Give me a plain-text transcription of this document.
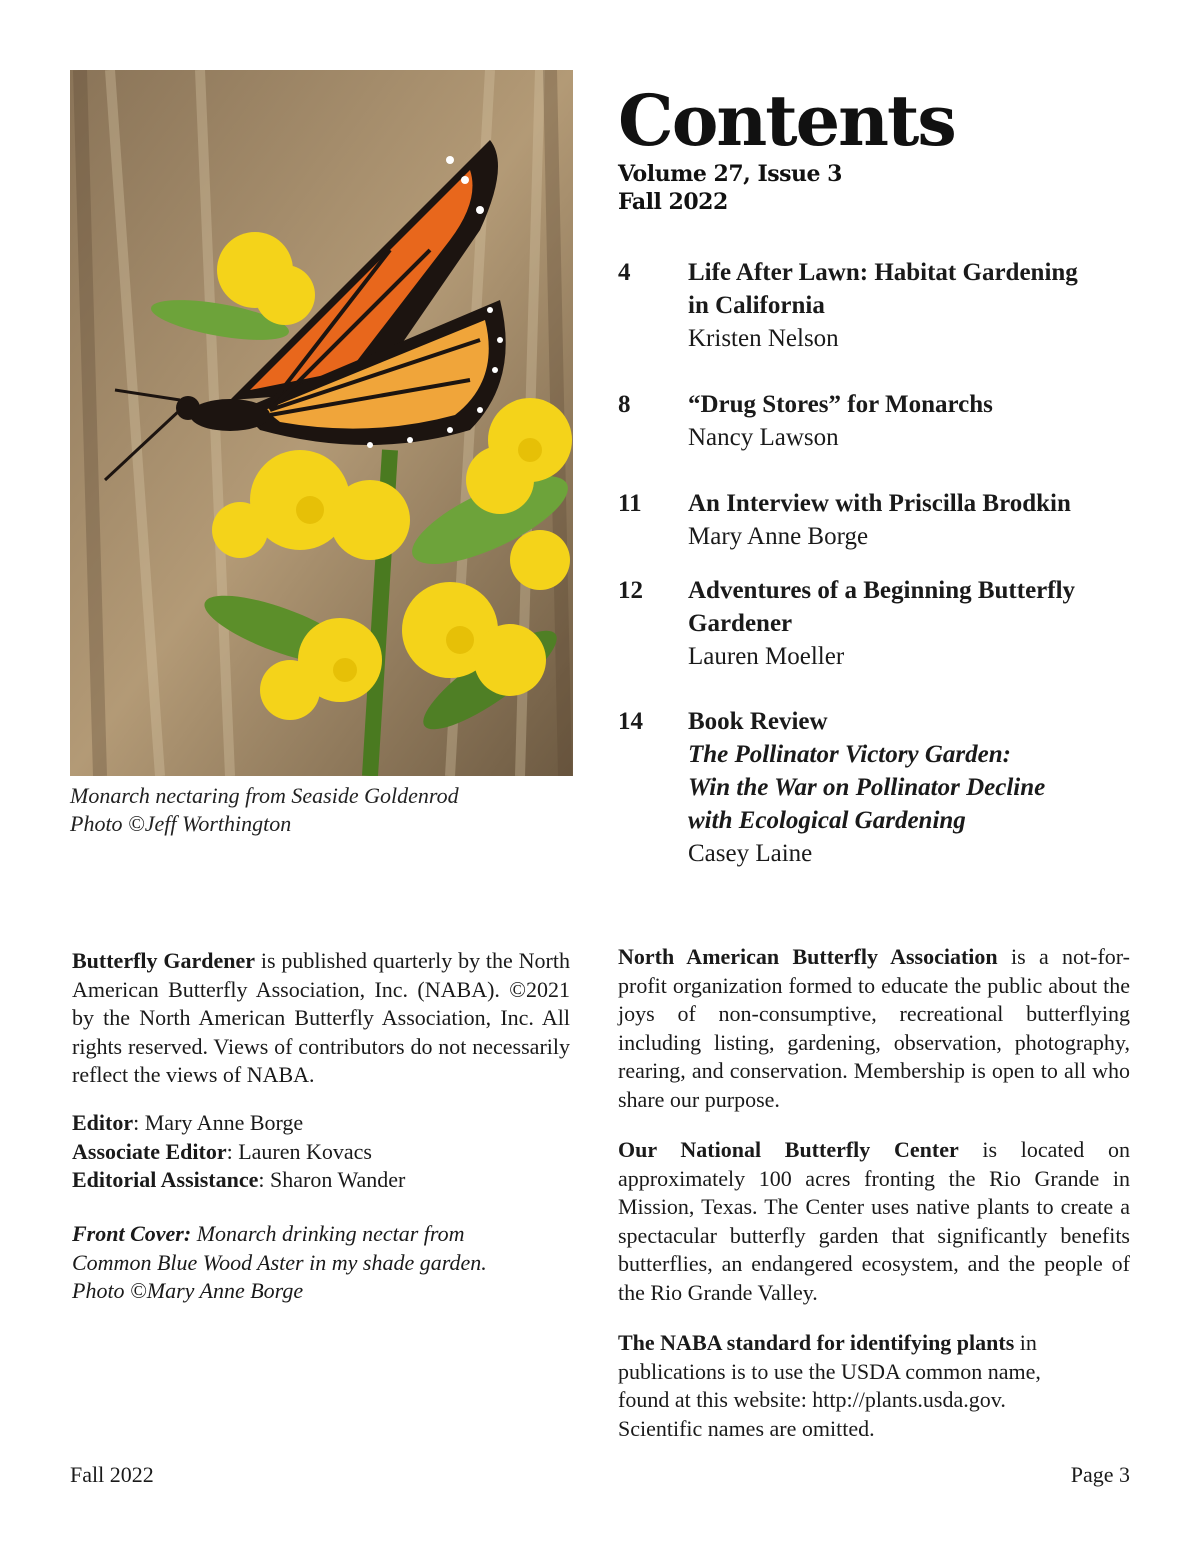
Monarch nectaring from Seaside Goldenrod
Photo ©Jeff Worthington
Contents
Volume 27, Issue 3
Fall 2022
4 Life After Lawn: Habitat Gardening
in California
Kristen Nelson
8 “Drug Stores” for Monarchs
Nancy Lawson
11 An Interview with Priscilla Brodkin
Mary Anne Borge
12 Adventures of a Beginning Butterfly
Gardener
Lauren Moeller
14 Book Review
The Pollinator Victory Garden:
Win the War on Pollinator Decline
with Ecological Gardening
Casey Laine
Butterfly Gardener is published quarterly by the North American Butterfly Association, Inc. (NABA). ©2021 by the North American Butterfly Association, Inc. All rights reserved. Views of contributors do not necessarily reflect the views of NABA.
Editor: Mary Anne Borge
Associate Editor: Lauren Kovacs
Editorial Assistance: Sharon Wander
Front Cover: Monarch drinking nectar from
Common Blue Wood Aster in my shade garden.
Photo ©Mary Anne Borge
North American Butterfly Association is a not-for-profit organization formed to educate the public about the joys of non-consumptive, recreational butterflying including listing, gardening, observation, photography, rearing, and conservation. Membership is open to all who share our purpose.
Our National Butterfly Center is located on approximately 100 acres fronting the Rio Grande in Mission, Texas. The Center uses native plants to create a spectacular butterfly garden that significantly benefits butterflies, an endangered ecosystem, and the people of the Rio Grande Valley.
The NABA standard for identifying plants in
publications is to use the USDA common name,
found at this website: http://plants.usda.gov.
Scientific names are omitted.
Fall 2022	Page 3
